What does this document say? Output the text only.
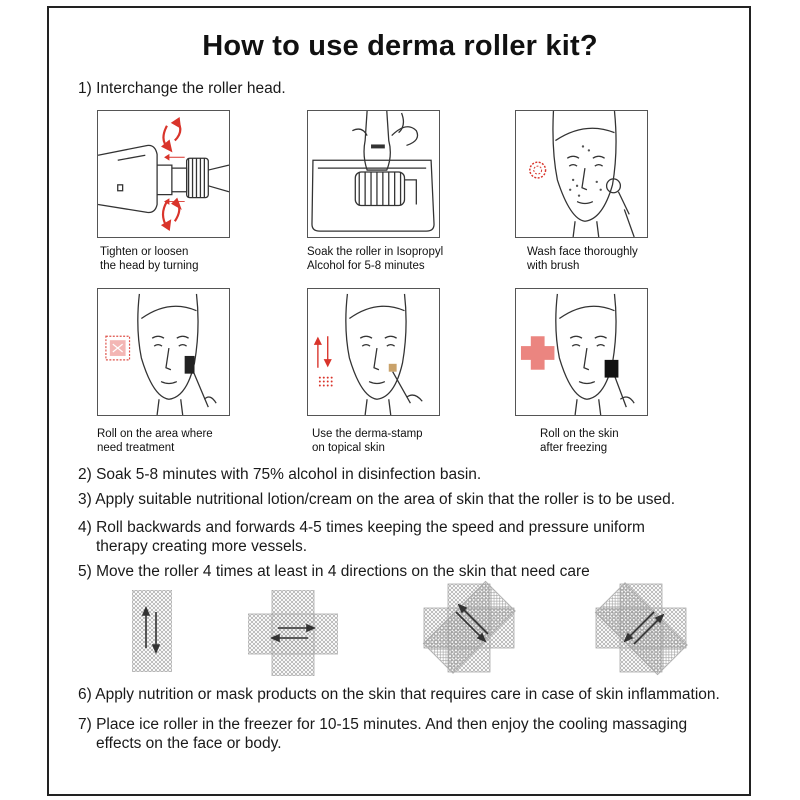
How to use derma roller kit?
1) Interchange the roller head.
Tighten or loosen
the head by turning
Soak the roller in Isopropyl
Alcohol for 5-8 minutes
Wash face thoroughly
with brush
Roll on the area where
need treatment
Use the derma-stamp
on topical skin
Roll on the skin
after freezing
2) Soak 5-8 minutes with 75% alcohol in disinfection basin.
3) Apply suitable nutritional lotion/cream on the area of skin that the roller is to be used.
4) Roll backwards and forwards 4-5 times keeping the speed and pressure uniform
therapy creating more vessels.
5) Move the roller 4 times at least in 4 directions on the skin that need care
6) Apply nutrition or mask products on the skin that requires care in case of skin inflammation.
7) Place ice roller in the freezer for 10-15 minutes. And then enjoy the cooling massaging
effects on the face or body.
